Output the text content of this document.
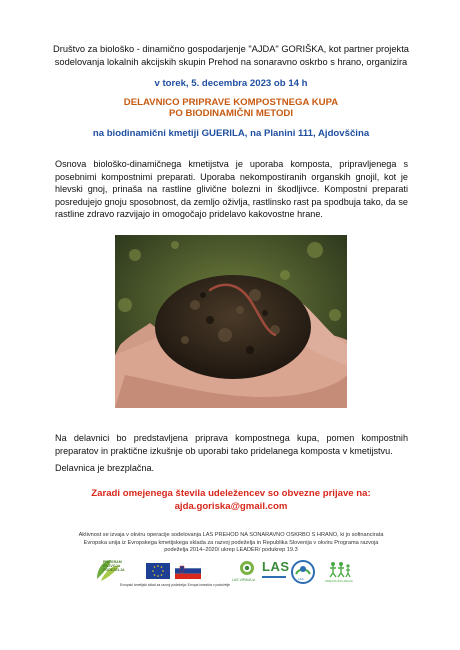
Društvo za biološko - dinamično gospodarjenje "AJDA" GORIŠKA, kot partner projekta
sodelovanja lokalnih akcijskih skupin Prehod na sonaravno oskrbo s hrano, organizira
v torek, 5. decembra 2023 ob 14 h
DELAVNICO PRIPRAVE KOMPOSTNEGA KUPA
PO BIODINAMIČNI METODI
na biodinamični kmetiji GUERILA, na Planini 111, Ajdovščina
Osnova biološko-dinamičnega kmetijstva je uporaba komposta, pripravljenega s posebnimi kompostnimi preparati. Uporaba nekompostiranih organskih gnojil, kot je hlevski gnoj, prinaša na rastline glivične bolezni in škodljivce. Kompostni preparati posredujejo gnoju sposobnost, da zemljo oživlja, rastlinsko rast pa spodbuja tako, da se rastline zdravo razvijajo in omogočajo pridelavo kakovostne hrane.
Na delavnici bo predstavljena priprava kompostnega kupa, pomen kompostnih preparatov in praktične izkušnje ob uporabi tako pridelanega komposta v kmetijstvu.
Delavnica je brezplačna.
Zaradi omejenega števila udeležencev so obvezne prijave na:
ajda.goriska@gmail.com
Aktivnost se izvaja v okviru operacije sodelovanja LAS PREHOD NA SONARAVNO OSKRBO S HRANO, ki jo sofinancirata
Evropska unija iz Evropskega kmetijskega sklada za razvoj podeželja in Republika Slovenija v okviru Programa razvoja
podeželja 2014–2020/ ukrep LEADER/ podukrep 19.3
PROGRAM
RAZVOJA
PODEŽELJA
Evropski kmetijski sklad za razvoj podeželja: Evropa investira v podeželje
LAS VIPAVA.si
LAS
LAS	ZDRAVA ŽIVLJENJA
